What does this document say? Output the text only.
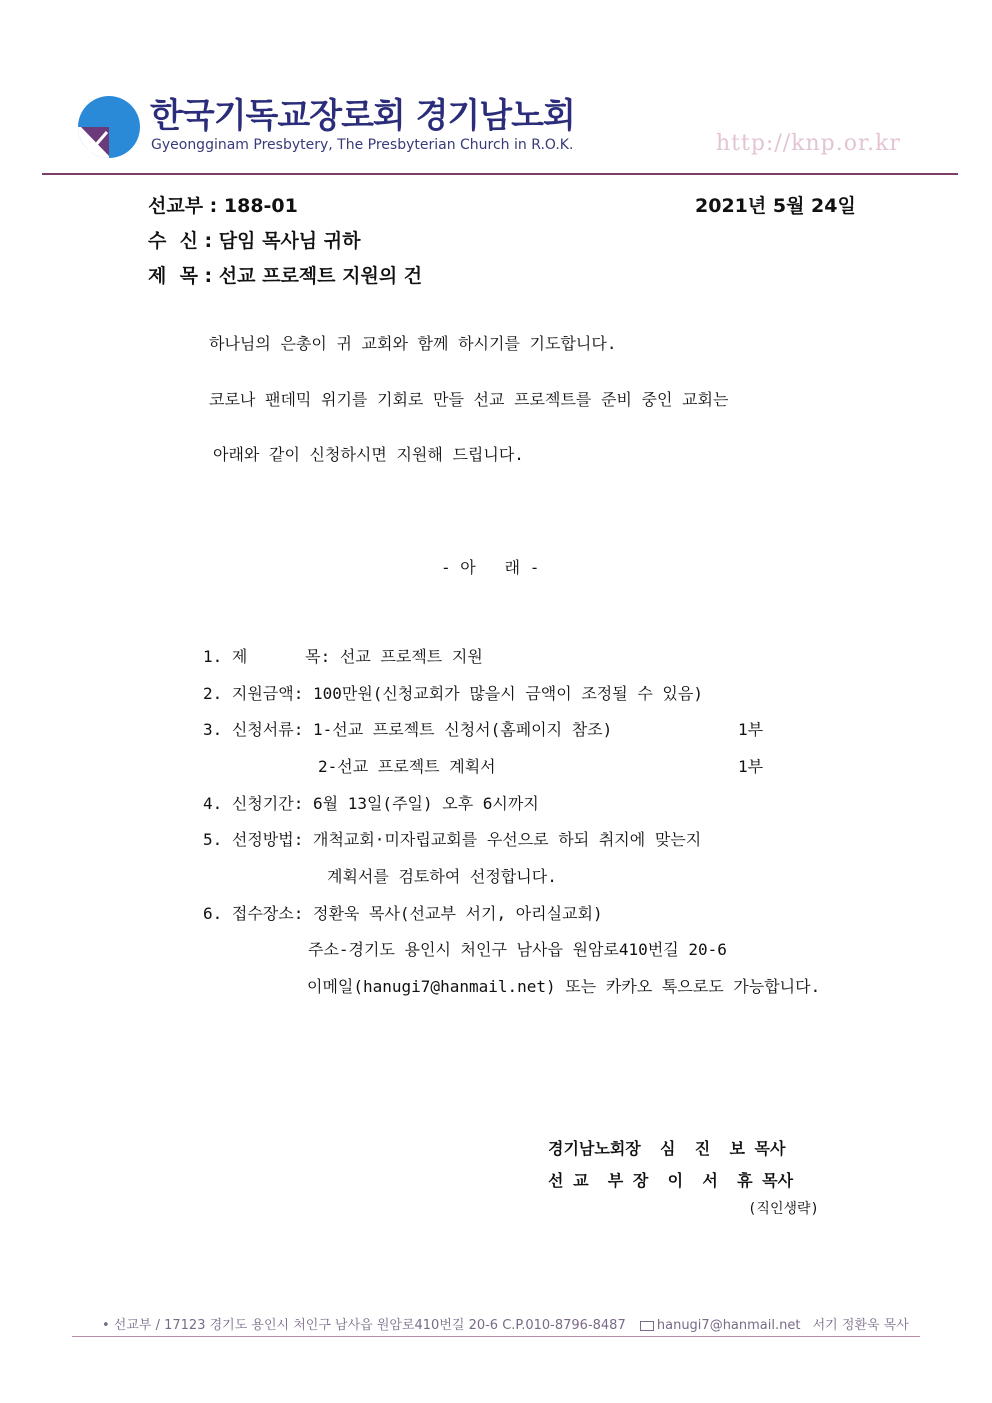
한국기독교장로회 경기남노회
Gyeongginam Presbytery, The Presbyterian Church in R.O.K.	http://knp.or.kr
선교부 : 188-01	2021년 5월 24일
수  신 : 담임 목사님 귀하
제  목 : 선교 프로젝트 지원의 건
하나님의 은총이 귀 교회와 함께 하시기를 기도합니다.
코로나 팬데믹 위기를 기회로 만들 선교 프로젝트를 준비 중인 교회는
아래와 같이 신청하시면 지원해 드립니다.
- 아   래 -
1. 제      목: 선교 프로젝트 지원
2. 지원금액: 100만원(신청교회가 많을시 금액이 조정될 수 있음)
3. 신청서류: 1-선교 프로젝트 신청서(홈페이지 참조)	1부
2-선교 프로젝트 계획서	1부
4. 신청기간: 6월 13일(주일) 오후 6시까지
5. 선정방법: 개척교회·미자립교회를 우선으로 하되 취지에 맞는지
계획서를 검토하여 선정합니다.
6. 접수장소: 정환욱 목사(선교부 서기, 아리실교회)
주소-경기도 용인시 처인구 남사읍 원암로410번길 20-6
이메일(hanugi7@hanmail.net) 또는 카카오 톡으로도 가능합니다.
경기남노회장  심  진  보 목사
선 교  부 장  이  서  휴 목사
(직인생략)
• 선교부 / 17123 경기도 용인시 처인구 남사읍 원암로410번길 20-6 C.P.010-8796-8487 hanugi7@hanmail.net 서기 정환욱 목사
